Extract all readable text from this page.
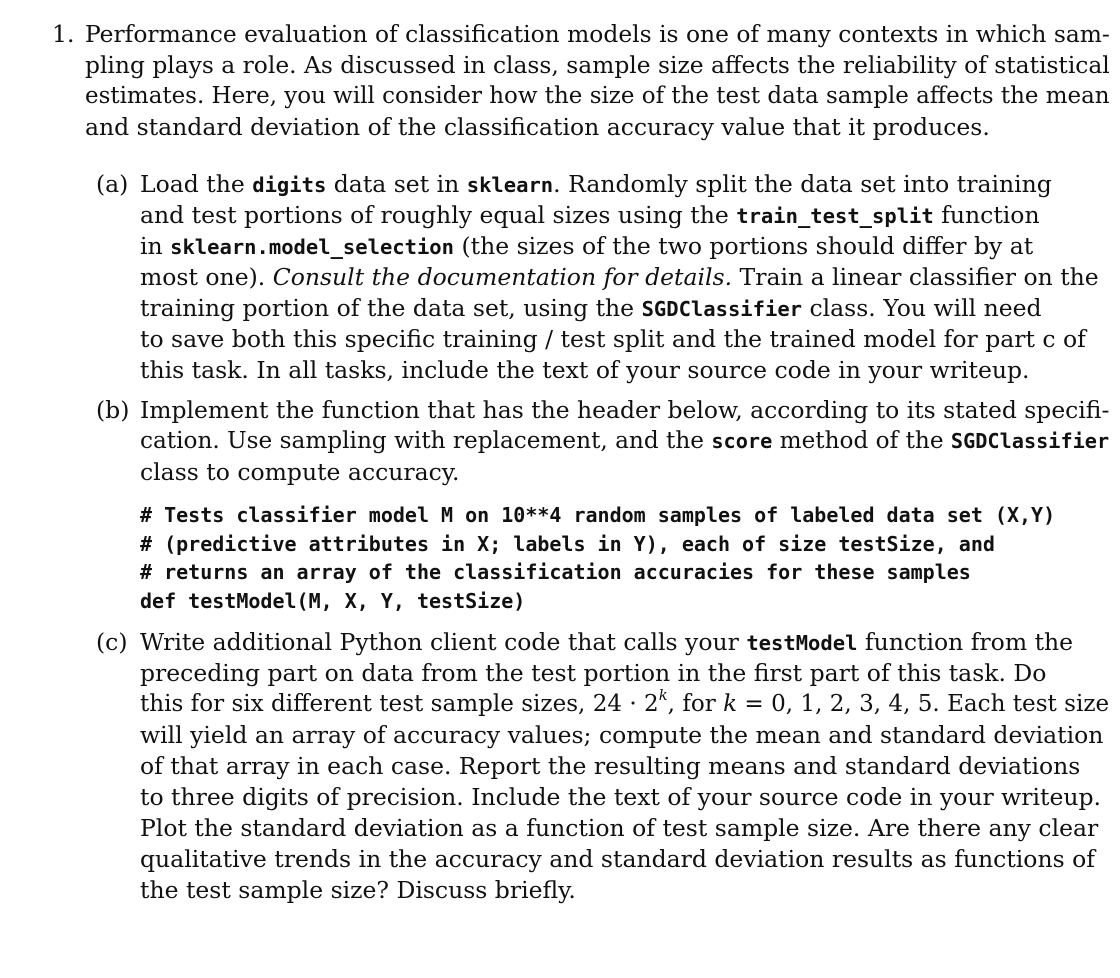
1. Performance evaluation of classification models is one of many contexts in which sam-
pling plays a role. As discussed in class, sample size affects the reliability of statistical
estimates. Here, you will consider how the size of the test data sample affects the mean
and standard deviation of the classification accuracy value that it produces.
(a) Load the digits data set in sklearn. Randomly split the data set into training
and test portions of roughly equal sizes using the train_test_split function
in sklearn.model_selection (the sizes of the two portions should differ by at
most one). Consult the documentation for details. Train a linear classifier on the
training portion of the data set, using the SGDClassifier class. You will need
to save both this specific training / test split and the trained model for part c of
this task. In all tasks, include the text of your source code in your writeup.
(b) Implement the function that has the header below, according to its stated specifi-
cation. Use sampling with replacement, and the score method of the SGDClassifier
class to compute accuracy.
# Tests classifier model M on 10**4 random samples of labeled data set (X,Y)
# (predictive attributes in X; labels in Y), each of size testSize, and
# returns an array of the classification accuracies for these samples
def testModel(M, X, Y, testSize)
(c) Write additional Python client code that calls your testModel function from the
preceding part on data from the test portion in the first part of this task. Do
this for six different test sample sizes, $24 \cdot 2^k$, for k = 0, 1, 2, 3, 4, 5. Each test size
will yield an array of accuracy values; compute the mean and standard deviation
of that array in each case. Report the resulting means and standard deviations
to three digits of precision. Include the text of your source code in your writeup.
Plot the standard deviation as a function of test sample size. Are there any clear
qualitative trends in the accuracy and standard deviation results as functions of
the test sample size? Discuss briefly.
